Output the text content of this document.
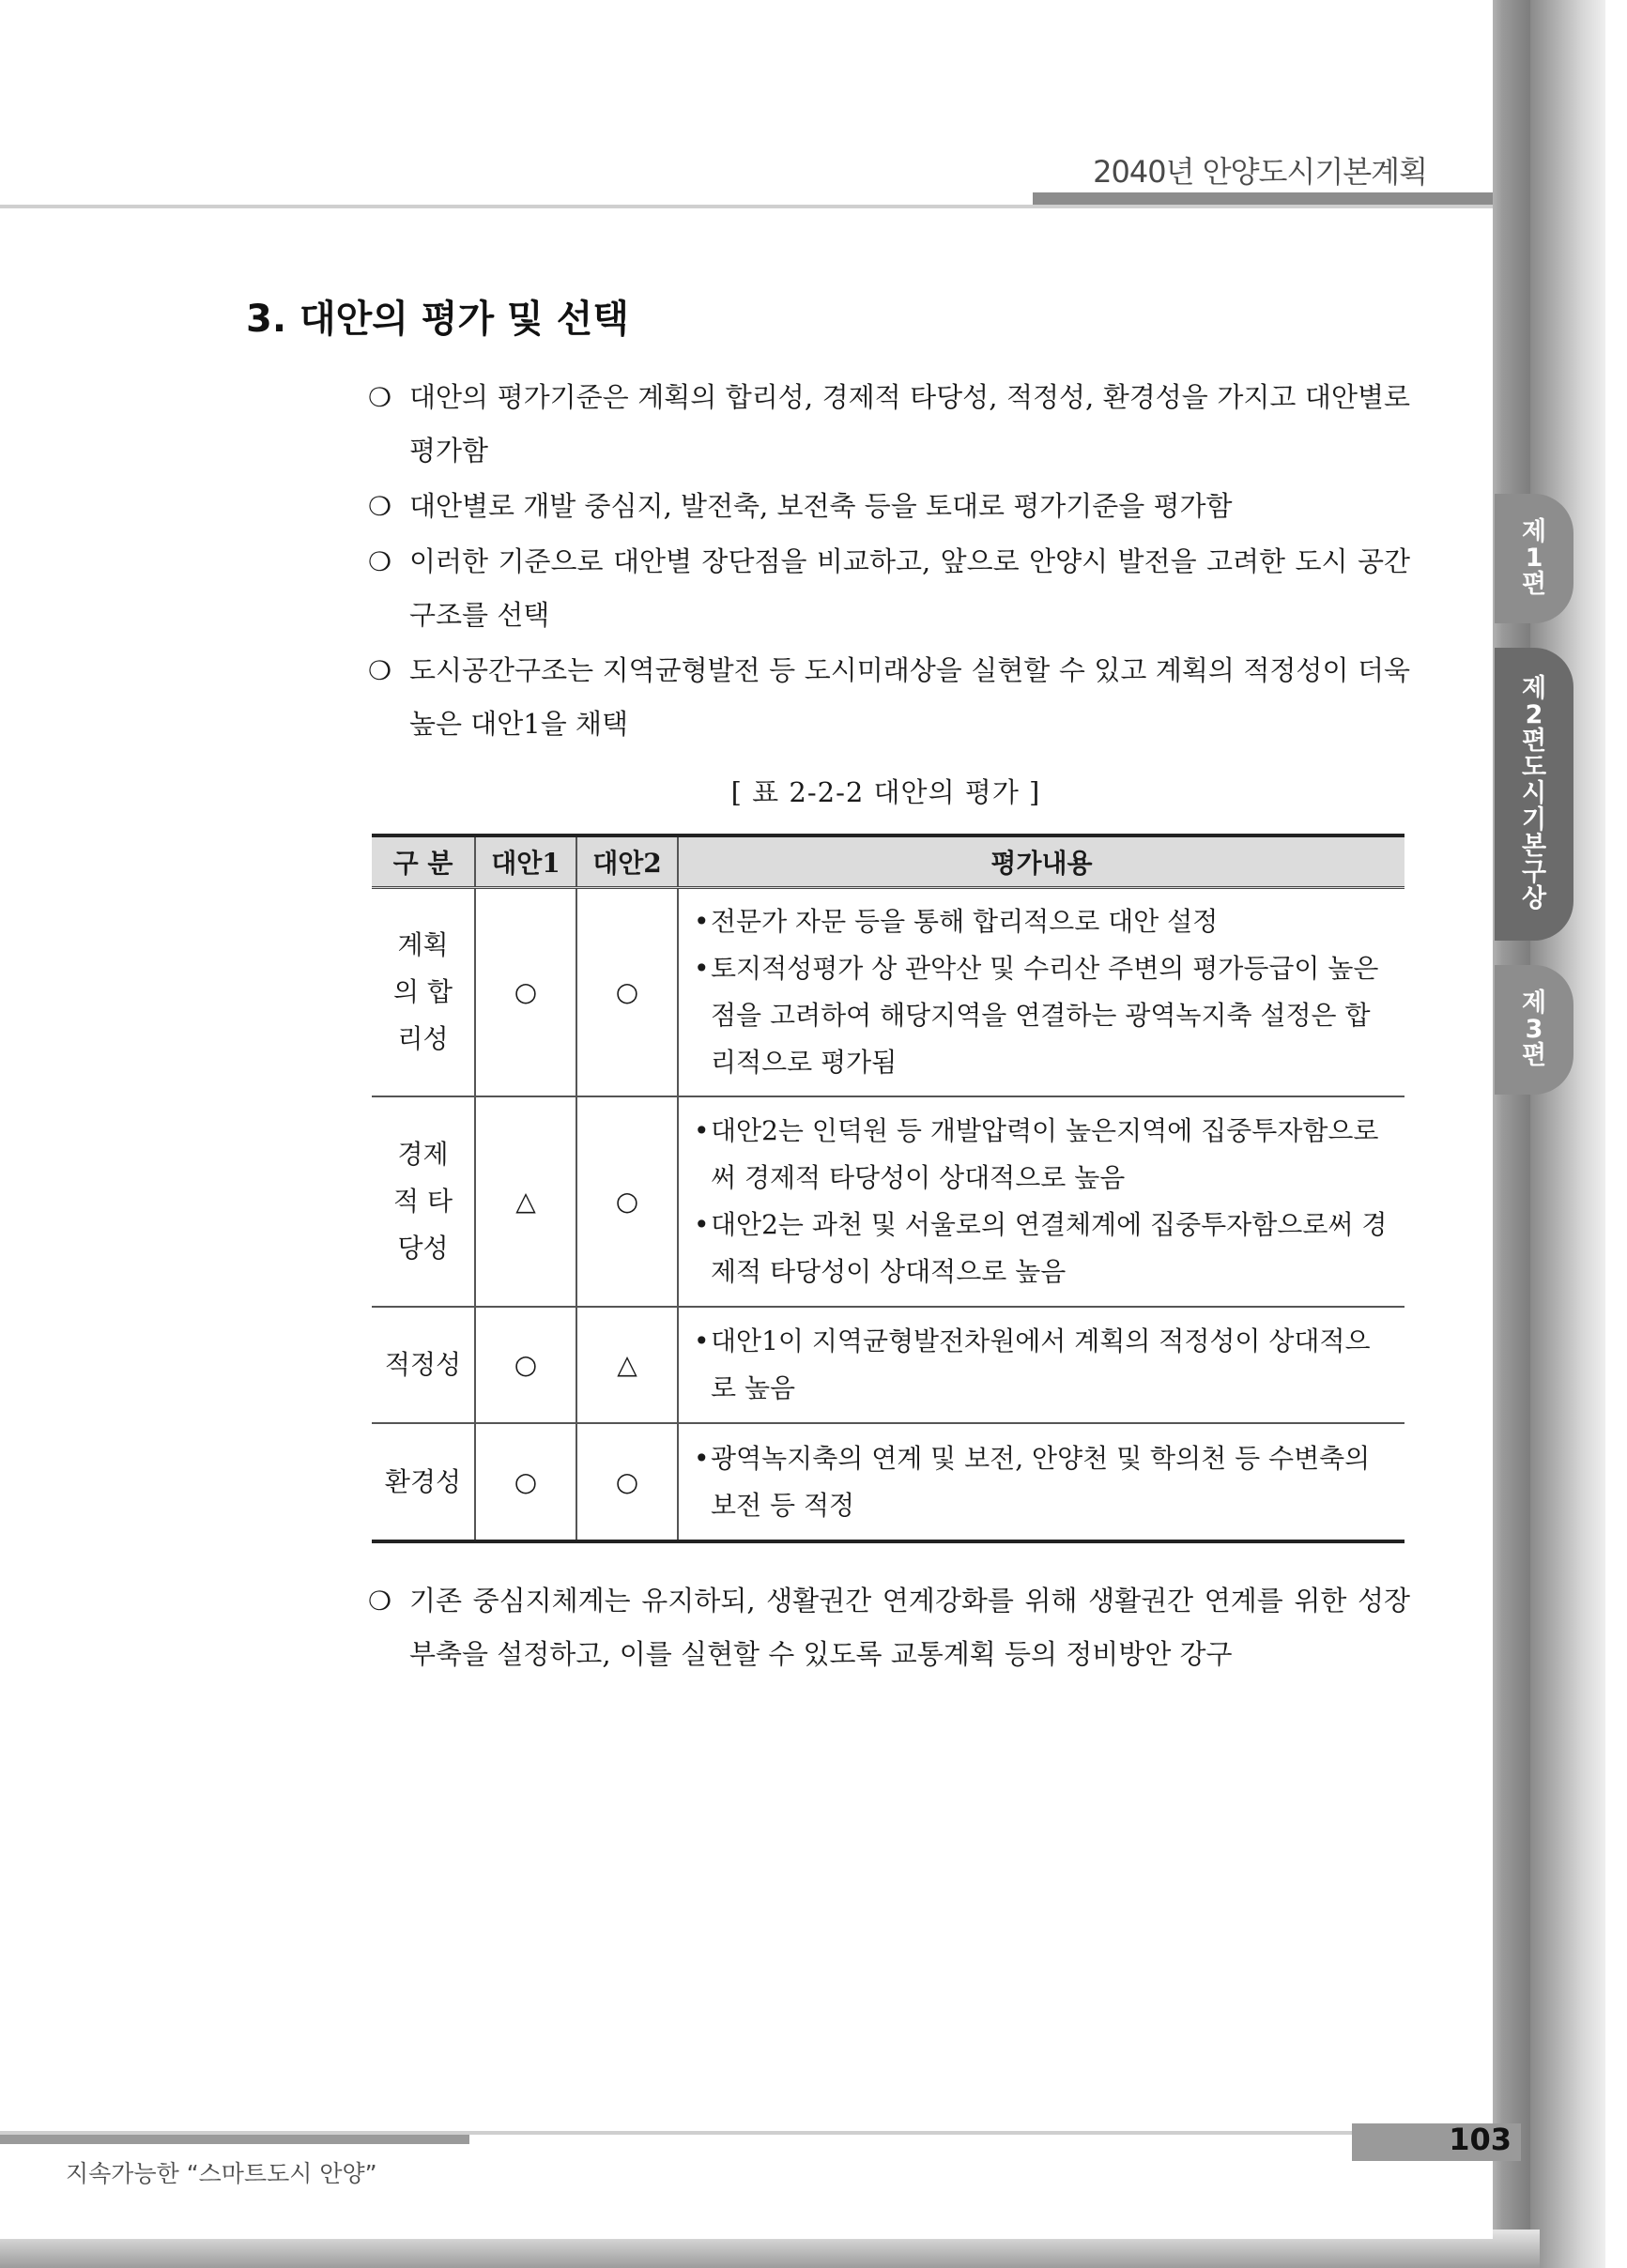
2040년 안양도시기본계획
3. 대안의 평가 및 선택
❍ 대안의 평가기준은 계획의 합리성, 경제적 타당성, 적정성, 환경성을 가지고 대안별로 평가함
❍ 대안별로 개발 중심지, 발전축, 보전축 등을 토대로 평가기준을 평가함
❍ 이러한 기준으로 대안별 장단점을 비교하고, 앞으로 안양시 발전을 고려한 도시 공간구조를 선택
❍ 도시공간구조는 지역균형발전 등 도시미래상을 실현할 수 있고 계획의 적정성이 더욱 높은 대안1을 채택
[ 표 2-2-2 대안의 평가 ]
구 분	대안1	대안2	평가내용
계획의 합리성	○	○	• 전문가 자문 등을 통해 합리적으로 대안 설정
• 토지적성평가 상 관악산 및 수리산 주변의 평가등급이 높은 점을 고려하여 해당지역을 연결하는 광역녹지축 설정은 합리적으로 평가됨

경제적 타당성	△	○	• 대안2는 인덕원 등 개발압력이 높은지역에 집중투자함으로써 경제적 타당성이 상대적으로 높음
• 대안2는 과천 및 서울로의 연결체계에 집중투자함으로써 경제적 타당성이 상대적으로 높음

적정성	○	△	• 대안1이 지역균형발전차원에서 계획의 적정성이 상대적으로 높음

환경성	○	○	• 광역녹지축의 연계 및 보전, 안양천 및 학의천 등 수변축의 보전 등 적정
❍ 기존 중심지체계는 유지하되, 생활권간 연계강화를 위해 생활권간 연계를 위한 성장부축을 설정하고, 이를 실현할 수 있도록 교통계획 등의 정비방안 강구
지속가능한 “스마트도시 안양”
103
제
1
편
제
2
편
도
시
기
본
구
상
제
3
편
